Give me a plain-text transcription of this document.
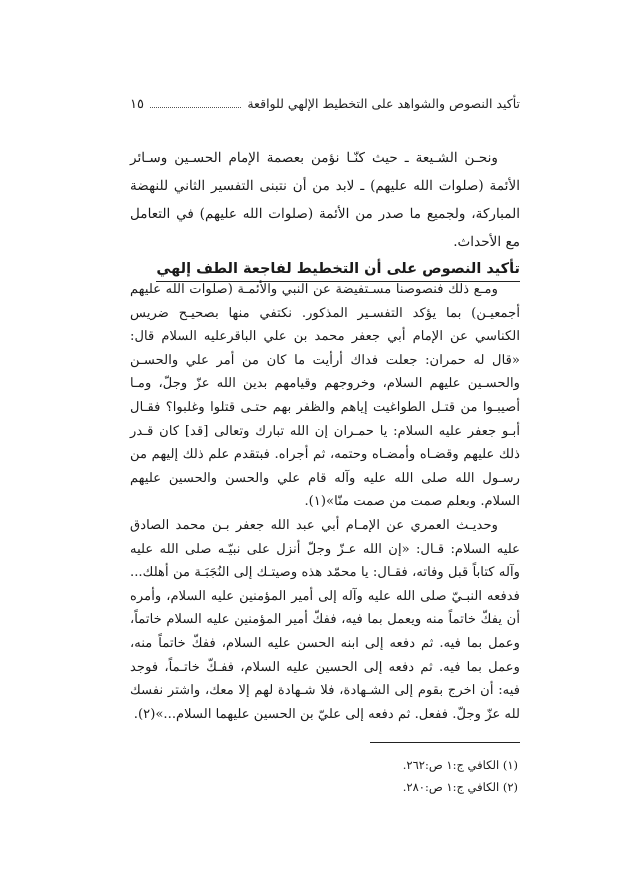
تأكيد النصوص والشواهد على التخطيط الإلهي للواقعة
١٥

ونحـن الشـيعة ـ حيث كنّـا نؤمن بعصمة الإمام الحسـين وسـائر الأئمة (صلوات الله عليهم) ـ لابد من أن نتبنى التفسير الثاني للنهضة المباركة، ولجميع ما صدر من الأئمة (صلوات الله عليهم) في التعامل مع الأحداث.

تأكيد النصوص على أن التخطيط لفاجعة الطف إلهي

ومـع ذلك فنصوصنا مسـتفيضة عن النبي والأئمـة (صلوات الله عليهم أجمعيـن) بما يؤكد التفسـير المذكور. نكتفي منها بصحيـح ضريس الكناسي عن الإمام أبي جعفر محمد بن علي الباقرعليه السلام قال: «قال له حمران: جعلت فداك أرأيت ما كان من أمر علي والحسـن والحسـين عليهم السلام، وخروجهم وقيامهم بدين الله عزّ وجلّ، ومـا أصيبـوا من قتـل الطواغيت إياهم والظفر بهم حتـى قتلوا وغلبوا؟ فقـال أبـو جعفر عليه السلام: يا حمـران إن الله تبارك وتعالى [قد] كان قـدر ذلك عليهم وقضـاه وأمضـاه وحتمه، ثم أجراه. فبتقدم علم ذلك إليهم من رسـول الله صلى الله عليه وآله قام علي والحسن والحسين عليهم السلام. وبعلم صمت من صمت منّا»(١).

وحديـث العمري عن الإمـام أبي عبد الله جعفر بـن محمد الصادق عليه السلام: قـال: «إن الله عـزّ وجلّ أنزل على نبيّـه صلى الله عليه وآله كتاباً قبل وفاته، فقـال: يا محمّد هذه وصيتـك إلى النُجَبَـة من أهلك... فدفعه النبـيّ صلى الله عليه وآله إلى أمير المؤمنين عليه السلام، وأمره أن يفكّ خاتماً منه ويعمل بما فيه، ففكّ أمير المؤمنين عليه السلام خاتماً، وعمل بما فيه. ثم دفعه إلى ابنه الحسن عليه السلام، ففكّ خاتماً منه، وعمل بما فيه. ثم دفعه إلى الحسين عليه السلام، ففـكّ خاتـماً، فوجد فيه: أن اخرج بقوم إلى الشـهادة، فلا شـهادة لهم إلا معك، واشتر نفسك لله عزّ وجلّ. ففعل. ثم دفعه إلى عليّ بن الحسين عليهما السلام...»(٢).

(١) الكافي ج:١ ص:٢٦٢.
(٢) الكافي ج:١ ص:٢٨٠.
